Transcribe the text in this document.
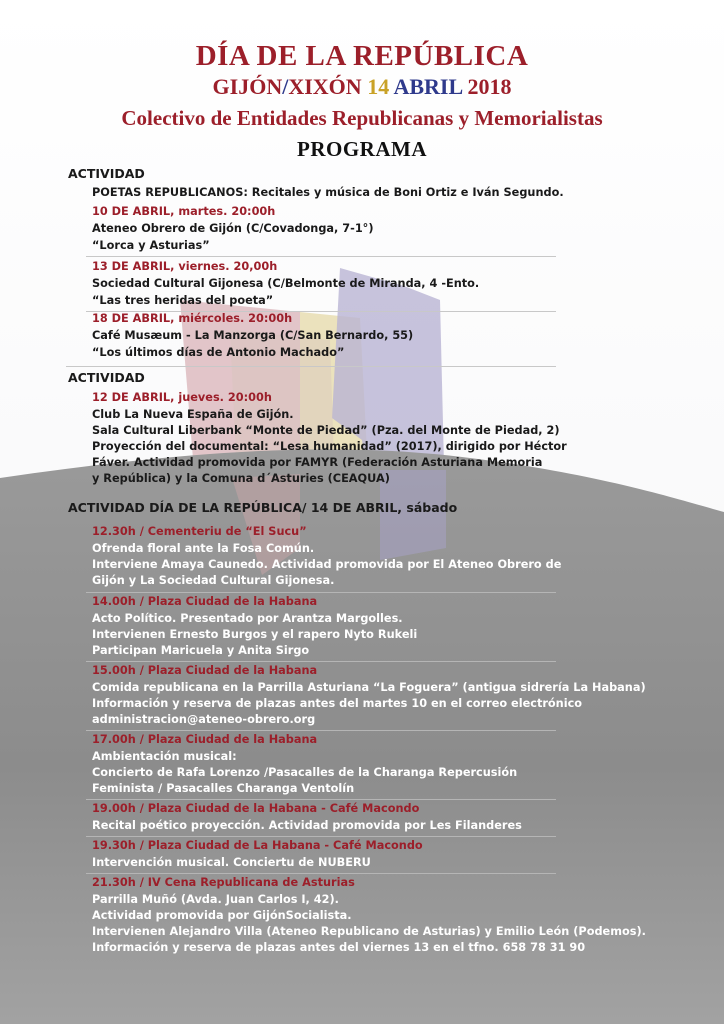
DÍA DE LA REPÚBLICA
GIJÓN/XIXÓN 14 ABRIL 2018
Colectivo de Entidades Republicanas y Memorialistas
PROGRAMA
ACTIVIDAD
POETAS REPUBLICANOS: Recitales y música de Boni Ortiz e Iván Segundo.
10 DE ABRIL, martes. 20:00h
Ateneo Obrero de Gijón (C/Covadonga, 7-1°)
“Lorca y Asturias”
13 DE ABRIL, viernes. 20,00h
Sociedad Cultural Gijonesa (C/Belmonte de Miranda, 4 -Ento.
“Las tres heridas del poeta”
18 DE ABRIL, miércoles. 20:00h
Café Musæum - La Manzorga (C/San Bernardo, 55)
“Los últimos días de Antonio Machado”
ACTIVIDAD
12 DE ABRIL, jueves. 20:00h
Club La Nueva España de Gijón.
Sala Cultural Liberbank “Monte de Piedad” (Pza. del Monte de Piedad, 2)
Proyección del documental: “Lesa humanidad” (2017), dirigido por Héctor
Fáver. Actividad promovida por FAMYR (Federación Asturiana Memoria
y República) y la Comuna d´Asturies (CEAQUA)
ACTIVIDAD DÍA DE LA REPÚBLICA/ 14 DE ABRIL, sábado
12.30h / Cementeriu de “El Sucu”
Ofrenda floral ante la Fosa Común.
Interviene Amaya Caunedo. Actividad promovida por El Ateneo Obrero de
Gijón y La Sociedad Cultural Gijonesa.
14.00h / Plaza Ciudad de la Habana
Acto Político. Presentado por Arantza Margolles.
Intervienen Ernesto Burgos y el rapero Nyto Rukeli
Participan Maricuela y Anita Sirgo
15.00h / Plaza Ciudad de la Habana
Comida republicana en la Parrilla Asturiana “La Foguera” (antigua sidrería La Habana)
Información y reserva de plazas antes del martes 10 en el correo electrónico
administracion@ateneo-obrero.org
17.00h / Plaza Ciudad de la Habana
Ambientación musical:
Concierto de Rafa Lorenzo /Pasacalles de la Charanga Repercusión
Feminista / Pasacalles Charanga Ventolín
19.00h / Plaza Ciudad de la Habana - Café Macondo
Recital poético proyección. Actividad promovida por Les Filanderes
19.30h / Plaza Ciudad de La Habana - Café Macondo
Intervención musical. Conciertu de NUBERU
21.30h / IV Cena Republicana de Asturias
Parrilla Muñó (Avda. Juan Carlos I, 42).
Actividad promovida por GijónSocialista.
Intervienen Alejandro Villa (Ateneo Republicano de Asturias) y Emilio León (Podemos).
Información y reserva de plazas antes del viernes 13 en el tfno. 658 78 31 90
